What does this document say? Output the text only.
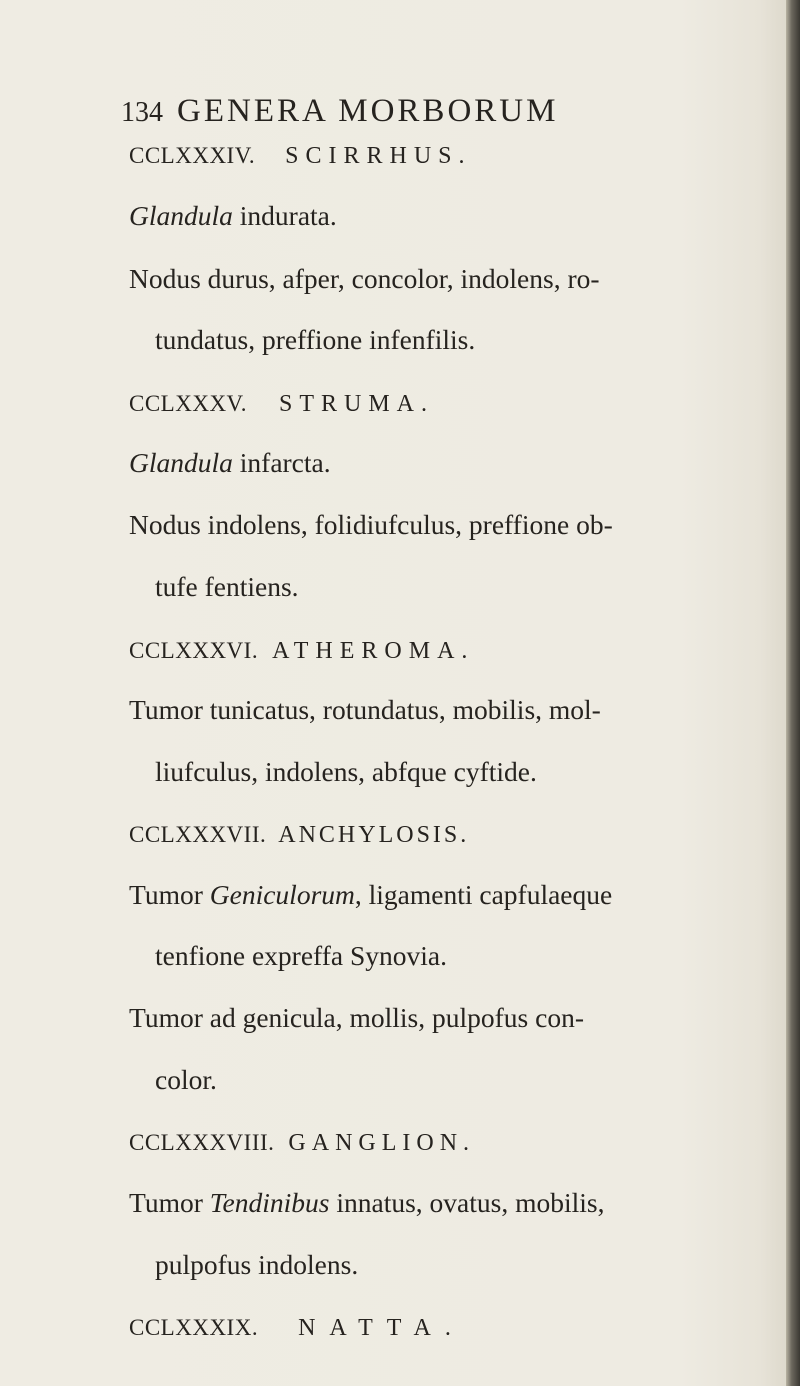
134 GENERA MORBORUM
CCLXXXIV. SCIRRHUS.
Glandula indurata.
Nodus durus, afper, concolor, indolens, ro-
tundatus, preffione infenfilis.
CCLXXXV. STRUMA.
Glandula infarcta.
Nodus indolens, folidiufculus, preffione ob-
tufe fentiens.
CCLXXXVI. ATHEROMA.
Tumor tunicatus, rotundatus, mobilis, mol-
liufculus, indolens, abfque cyftide.
CCLXXXVII. ANCHYLOSIS.
Tumor Geniculorum, ligamenti capfulaeque
tenfione expreffa Synovia.
Tumor ad genicula, mollis, pulpofus con-
color.
CCLXXXVIII. GANGLION.
Tumor Tendinibus innatus, ovatus, mobilis,
pulpofus indolens.
CCLXXXIX. NATTA.
